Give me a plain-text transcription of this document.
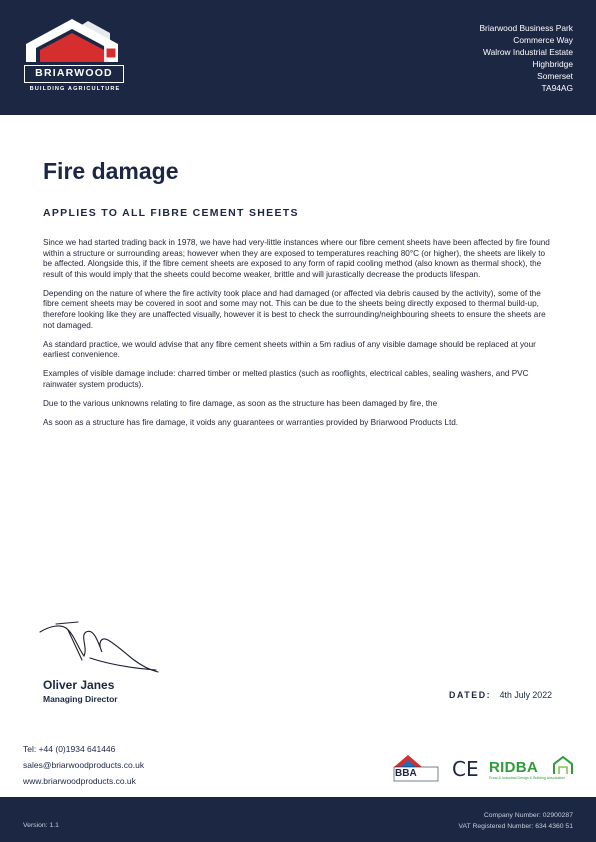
BRIARWOOD
BUILDING AGRICULTURE
Briarwood Business Park
Commerce Way
Walrow Industrial Estate
Highbridge
Somerset
TA94AG
Fire damage
APPLIES TO ALL FIBRE CEMENT SHEETS

Since we had started trading back in 1978, we have had very-little instances where our fibre cement sheets have been affected by fire found within a structure or surrounding areas; however when they are exposed to temperatures reaching 80°C (or higher), the sheets are likely to be affected. Alongside this, if the fibre cement sheets are exposed to any form of rapid cooling method (also known as thermal shock), the result of this would imply that the sheets could become weaker, brittle and will jurastically decrease the products lifespan.

Depending on the nature of where the fire activity took place and had damaged (or affected via debris caused by the activity), some of the fibre cement sheets may be covered in soot and some may not. This can be due to the sheets being directly exposed to thermal build-up, therefore looking like they are unaffected visually, however it is best to check the surrounding/neighbouring sheets to ensure the sheets are not damaged.

As standard practice, we would advise that any fibre cement sheets within a 5m radius of any visible damage should be replaced at your earliest convenience.

Examples of visible damage include: charred timber or melted plastics (such as rooflights, electrical cables, sealing washers, and PVC rainwater system products).

Due to the various unknowns relating to fire damage, as soon as the structure has been damaged by fire, the

As soon as a structure has fire damage, it voids any guarantees or warranties provided by Briarwood Products Ltd.

Oliver Janes
Managing Director	DATED: 4th July 2022
Tel: +44 (0)1934 641446
sales@briarwoodproducts.co.uk
www.briarwoodproducts.co.uk
BBA CE RIDBA
Rural & Industrial Design & Building Association
Version: 1.1
Company Number: 02900287
VAT Registered Number: 634 4360 51
